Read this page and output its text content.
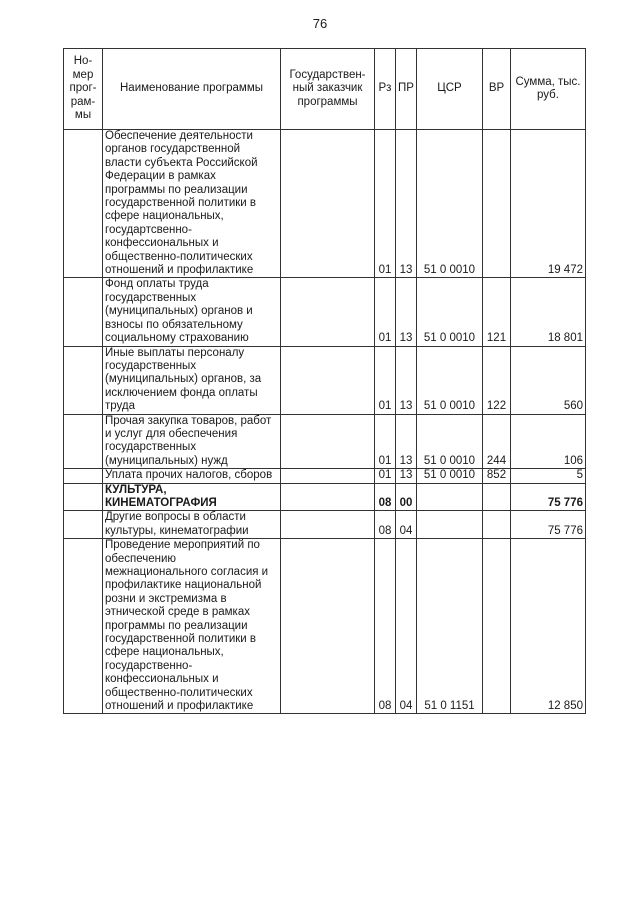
76
Но-мер прог-рам-мы	Наименование программы	Государствен-ный заказчик программы	Рз	ПР	ЦСР	ВР	Сумма, тыс. руб.
	Обеспечение деятельности органов государственной власти субъекта Российской Федерации в рамках программы по реализации государственной политики в сфере национальных, государтсвенно-конфессиональных и общественно-политических отношений и профилактике		01	13	51 0 0010		19 472
	Фонд оплаты труда государственных (муниципальных) органов и взносы по обязательному социальному страхованию		01	13	51 0 0010	121	18 801
	Иные выплаты персоналу государственных (муниципальных) органов, за исключением фонда оплаты труда		01	13	51 0 0010	122	560
	Прочая закупка товаров, работ и услуг для обеспечения государственных (муниципальных) нужд		01	13	51 0 0010	244	106
	Уплата прочих налогов, сборов		01	13	51 0 0010	852	5
	КУЛЬТУРА, КИНЕМАТОГРАФИЯ		08	00			75 776
	Другие вопросы в области культуры, кинематографии		08	04			75 776
	Проведение мероприятий по обеспечению межнационального согласия и профилактике национальной розни и экстремизма в этнической среде в рамках программы по реализации государственной политики в сфере национальных, государственно-конфессиональных и общественно-политических отношений и профилактике		08	04	51 0 1151		12 850
